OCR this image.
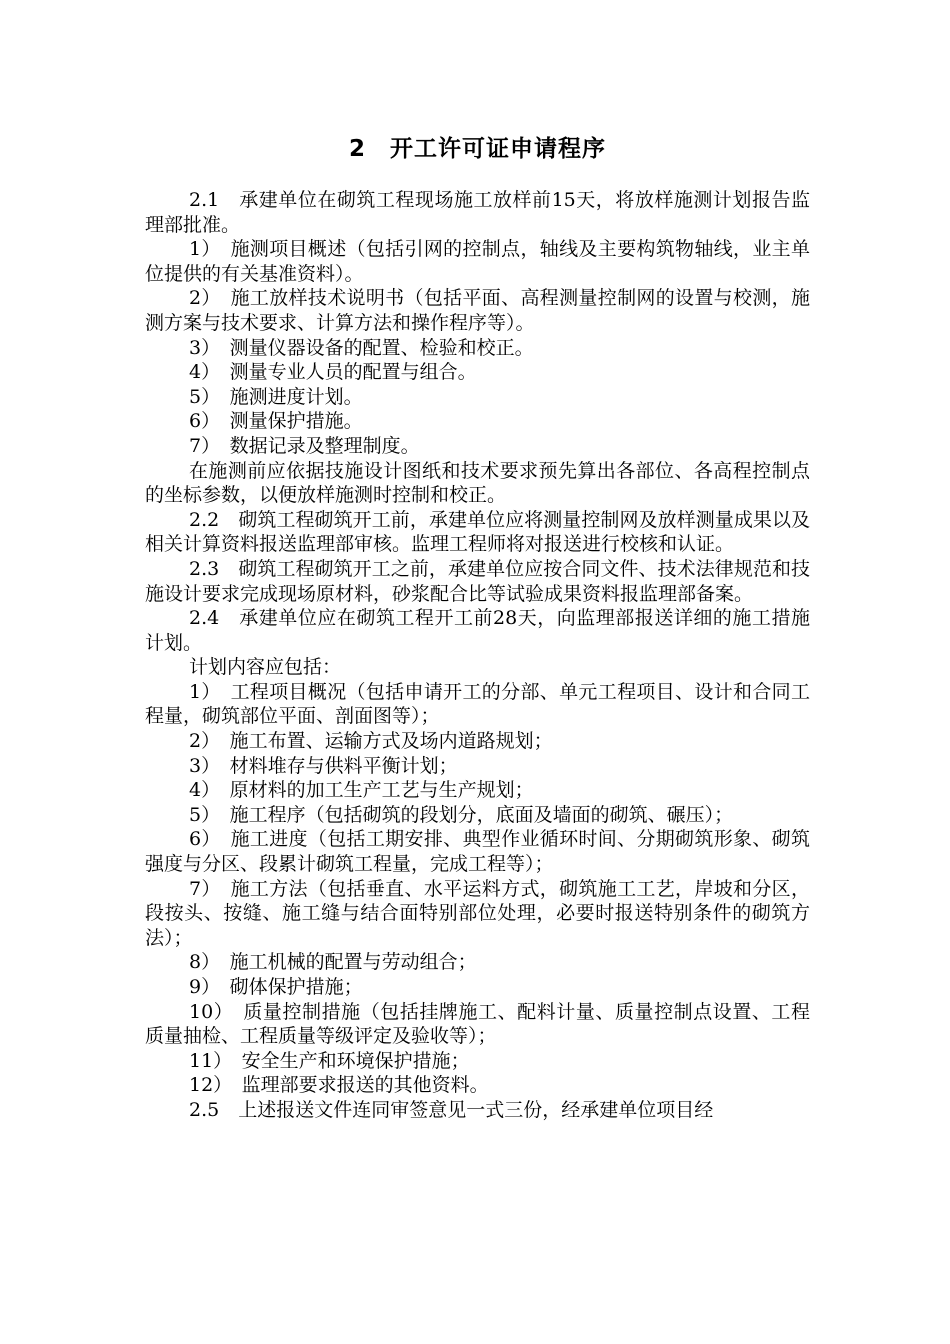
2　开工许可证申请程序

2.1　承建单位在砌筑工程现场施工放样前15天，将放样施测计划报告监理部批准。

1）　施测项目概述（包括引网的控制点，轴线及主要构筑物轴线，业主单位提供的有关基准资料）。

2）　施工放样技术说明书（包括平面、高程测量控制网的设置与校测，施测方案与技术要求、计算方法和操作程序等）。

3）　测量仪器设备的配置、检验和校正。

4）　测量专业人员的配置与组合。

5）　施测进度计划。

6）　测量保护措施。

7）　数据记录及整理制度。

在施测前应依据技施设计图纸和技术要求预先算出各部位、各高程控制点的坐标参数，以便放样施测时控制和校正。

2.2　砌筑工程砌筑开工前，承建单位应将测量控制网及放样测量成果以及相关计算资料报送监理部审核。监理工程师将对报送进行校核和认证。

2.3　砌筑工程砌筑开工之前，承建单位应按合同文件、技术法律规范和技施设计要求完成现场原材料，砂浆配合比等试验成果资料报监理部备案。

2.4　承建单位应在砌筑工程开工前28天，向监理部报送详细的施工措施计划。

计划内容应包括：

1）　工程项目概况（包括申请开工的分部、单元工程项目、设计和合同工程量，砌筑部位平面、剖面图等）；

2）　施工布置、运输方式及场内道路规划；

3）　材料堆存与供料平衡计划；

4）　原材料的加工生产工艺与生产规划；

5）　施工程序（包括砌筑的段划分，底面及墙面的砌筑、碾压）；

6）　施工进度（包括工期安排、典型作业循环时间、分期砌筑形象、砌筑强度与分区、段累计砌筑工程量，完成工程等）；

7）　施工方法（包括垂直、水平运料方式，砌筑施工工艺，岸坡和分区，段按头、按缝、施工缝与结合面特别部位处理，必要时报送特别条件的砌筑方法）；

8）　施工机械的配置与劳动组合；

9）　砌体保护措施；

10）　质量控制措施（包括挂牌施工、配料计量、质量控制点设置、工程质量抽检、工程质量等级评定及验收等）；

11）　安全生产和环境保护措施；

12）　监理部要求报送的其他资料。

2.5　上述报送文件连同审签意见一式三份，经承建单位项目经
